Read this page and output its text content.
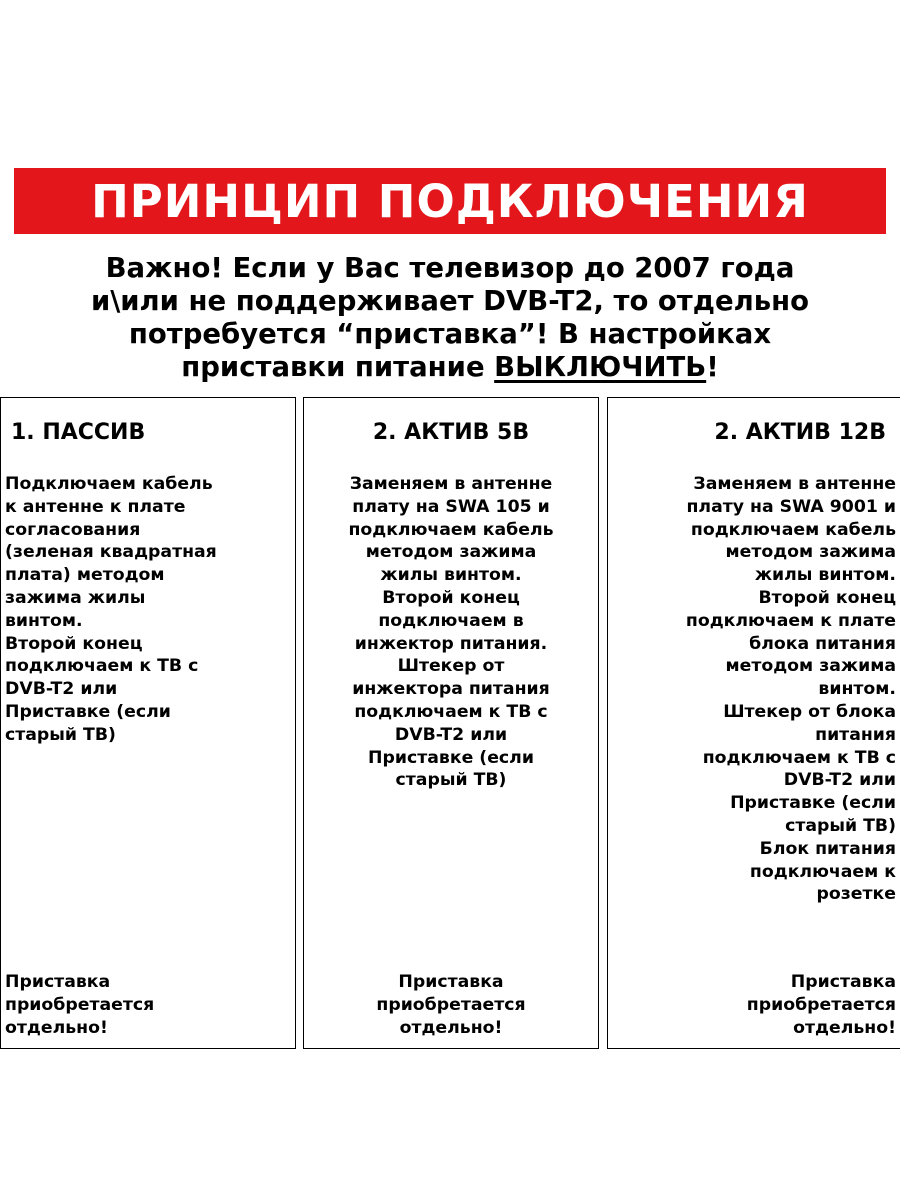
ПРИНЦИП ПОДКЛЮЧЕНИЯ
Важно! Если у Вас телевизор до 2007 года
и\или не поддерживает DVB-T2, то отдельно
потребуется “приставка”! В настройках
приставки питание ВЫКЛЮЧИТЬ!
1. ПАССИВ
Подключаем кабель
к антенне к плате
согласования
(зеленая квадратная
плата) методом
зажима жилы
винтом.
Второй конец
подключаем к ТВ с
DVB-T2 или
Приставке (если
старый ТВ)
Приставка
приобретается
отдельно!
2. АКТИВ 5В
Заменяем в антенне
плату на SWA 105 и
подключаем кабель
методом зажима
жилы винтом.
Второй конец
подключаем в
инжектор питания.
Штекер от
инжектора питания
подключаем к ТВ с
DVB-T2 или
Приставке (если
старый ТВ)
Приставка
приобретается
отдельно!
2. АКТИВ 12В
Заменяем в антенне
плату на SWA 9001 и
подключаем кабель
методом зажима
жилы винтом.
Второй конец
подключаем к плате
блока питания
методом зажима
винтом.
Штекер от блока
питания
подключаем к ТВ с
DVB-T2 или
Приставке (если
старый ТВ)
Блок питания
подключаем к
розетке
Приставка
приобретается
отдельно!
